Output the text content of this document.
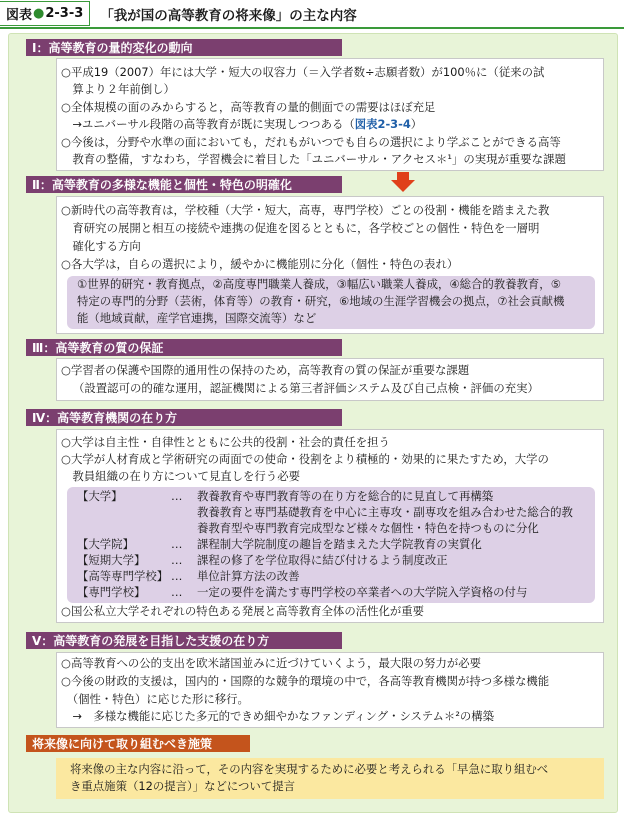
図表 ● 2-3-3 「我が国の高等教育の将来像」の主な内容
Ⅰ：高等教育の量的変化の動向
○平成19（2007）年には大学・短大の収容力（＝入学者数÷志願者数）が100％に（従来の試
　算より２年前倒し）
○全体規模の面のみからすると，高等教育の量的側面での需要はほぼ充足
　→ユニバーサル段階の高等教育が既に実現しつつある（図表2-3-4）
○今後は，分野や水準の面においても，だれもがいつでも自らの選択により学ぶことができる高等
　教育の整備，すなわち，学習機会に着目した「ユニバーサル・アクセス＊¹」の実現が重要な課題
Ⅱ：高等教育の多様な機能と個性・特色の明確化
○新時代の高等教育は，学校種（大学・短大，高専，専門学校）ごとの役割・機能を踏まえた教
　育研究の展開と相互の接続や連携の促進を図るとともに，各学校ごとの個性・特色を一層明
　確化する方向
○各大学は，自らの選択により，緩やかに機能別に分化（個性・特色の表れ）
①世界的研究・教育拠点，②高度専門職業人養成，③幅広い職業人養成，④総合的教養教育，⑤
特定の専門的分野（芸術，体育等）の教育・研究，⑥地域の生涯学習機会の拠点，⑦社会貢献機
能（地域貢献，産学官連携，国際交流等）など
Ⅲ：高等教育の質の保証
○学習者の保護や国際的通用性の保持のため，高等教育の質の保証が重要な課題
（設置認可の的確な運用，認証機関による第三者評価システム及び自己点検・評価の充実）
Ⅳ：高等教育機関の在り方
○大学は自主性・自律性とともに公共的役割・社会的責任を担う
○大学が人材育成と学術研究の両面での使命・役割をより積極的・効果的に果たすため，大学の
　教員組織の在り方について見直しを行う必要
【大学】	… 教養教育や専門教育等の在り方を総合的に見直して再構築
教養教育と専門基礎教育を中心に主専攻・副専攻を組み合わせた総合的教
養教育型や専門教育完成型など様々な個性・特色を持つものに分化
【大学院】	… 課程制大学院制度の趣旨を踏まえた大学院教育の実質化
【短期大学】 … 課程の修了を学位取得に結び付けるよう制度改正
【高等専門学校】 … 単位計算方法の改善
【専門学校】 … 一定の要件を満たす専門学校の卒業者への大学院入学資格の付与
○国公私立大学それぞれの特色ある発展と高等教育全体の活性化が重要
Ⅴ：高等教育の発展を目指した支援の在り方
○高等教育への公的支出を欧米諸国並みに近づけていくよう，最大限の努力が必要
○今後の財政的支援は，国内的・国際的な競争的環境の中で，各高等教育機関が持つ多様な機能
　（個性・特色）に応じた形に移行。
　→　多様な機能に応じた多元的できめ細やかなファンディング・システム＊²の構築
将来像に向けて取り組むべき施策
将来像の主な内容に沿って，その内容を実現するために必要と考えられる「早急に取り組むべ
き重点施策（12の提言）」などについて提言
